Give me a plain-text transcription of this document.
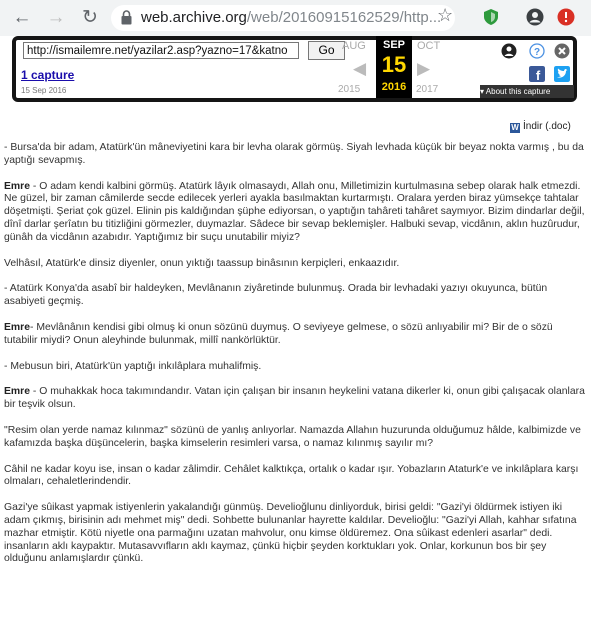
← → ↻	web.archive.org/web/20160915162529/http...
☆
http://ismailemre.net/yazilar2.asp?yazno=17&katno	Go
1 capture
15 Sep 2016
AUG
◀
2015
SEP
15
2016
OCT
▶
2017
?
f
▾ About this capture
W İndir (.doc)

- Bursa'da bir adam, Atatürk'ün mâneviyetini kara bir levha olarak görmüş. Siyah levhada küçük bir beyaz nokta varmış , bu da yaptığı sevapmış.

Emre - O adam kendi kalbini görmüş. Atatürk lâyık olmasaydı, Allah onu, Milletimizin kurtulmasına sebep olarak halk etmezdi. Ne güzel, bir zaman câmilerde secde edilecek yerleri ayakla basılmaktan kurtarmıştı. Oralara yerden biraz yümsekçe tahtalar döşetmişti. Şeriat çok güzel. Elinin pis kaldığından şüphe ediyorsan, o yaptığın tahâreti tahâret saymıyor. Bizim dindarlar değil, dînî darlar şerîatın bu titizliğini görmezler, duymazlar. Sâdece bir sevap beklemişler. Halbuki sevap, vicdânın, aklın huzûrudur, günâh da vicdânın azabıdır. Yaptığımız bir suçu unutabilir miyiz?

Velhâsıl, Atatürk'e dinsiz diyenler, onun yıktığı taassup binâsının kerpiçleri, enkaazıdır.

- Atatürk Konya'da asabî bir haldeyken, Mevlânanın ziyâretinde bulunmuş. Orada bir levhadaki yazıyı okuyunca, bütün asabiyeti geçmiş.

Emre- Mevlânânın kendisi gibi olmuş ki onun sözünü duymuş. O seviyeye gelmese, o sözü anlıyabilir mi? Bir de o sözü tutabilir miydi? Onun aleyhinde bulunmak, millî nankörlüktür.

- Mebusun biri, Atatürk'ün yaptığı inkılâplara muhalifmiş.

Emre - O muhakkak hoca takımındandır. Vatan için çalışan bir insanın heykelini vatana dikerler ki, onun gibi çalışacak olanlara bir teşvik olsun.

"Resim olan yerde namaz kılınmaz" sözünü de yanlış anlıyorlar. Namazda Allahın huzurunda olduğumuz hâlde, kalbimizde ve kafamızda başka düşüncelerin, başka kimselerin resimleri varsa, o namaz kılınmış sayılır mı?

Câhil ne kadar koyu ise, insan o kadar zâlimdir. Cehâlet kalktıkça, ortalık o kadar ışır. Yobazların Ataturk'e ve inkılâplara karşı olmaları, cehaletlerindendir.

Gazi'ye sûikast yapmak istiyenlerin yakalandığı günmüş. Develioğlunu dinliyorduk, birisi geldi: "Gazi'yi öldürmek istiyen iki adam çıkmış, birisinin adı mehmet miş" dedi. Sohbette bulunanlar hayrette kaldılar. Develioğlu: "Gazi'yi Allah, kahhar sıfatına mazhar etmiştir. Kötü niyetle ona parmağını uzatan mahvolur, onu kimse öldüremez. Ona sûikast edenleri asarlar" dedi. insanların aklı kaypaktır. Mutasavvıfların aklı kaymaz, çünkü hiçbir şeyden korktukları yok. Onlar, korkunun bos bir şey olduğunu anlamışlardır çünkü.
